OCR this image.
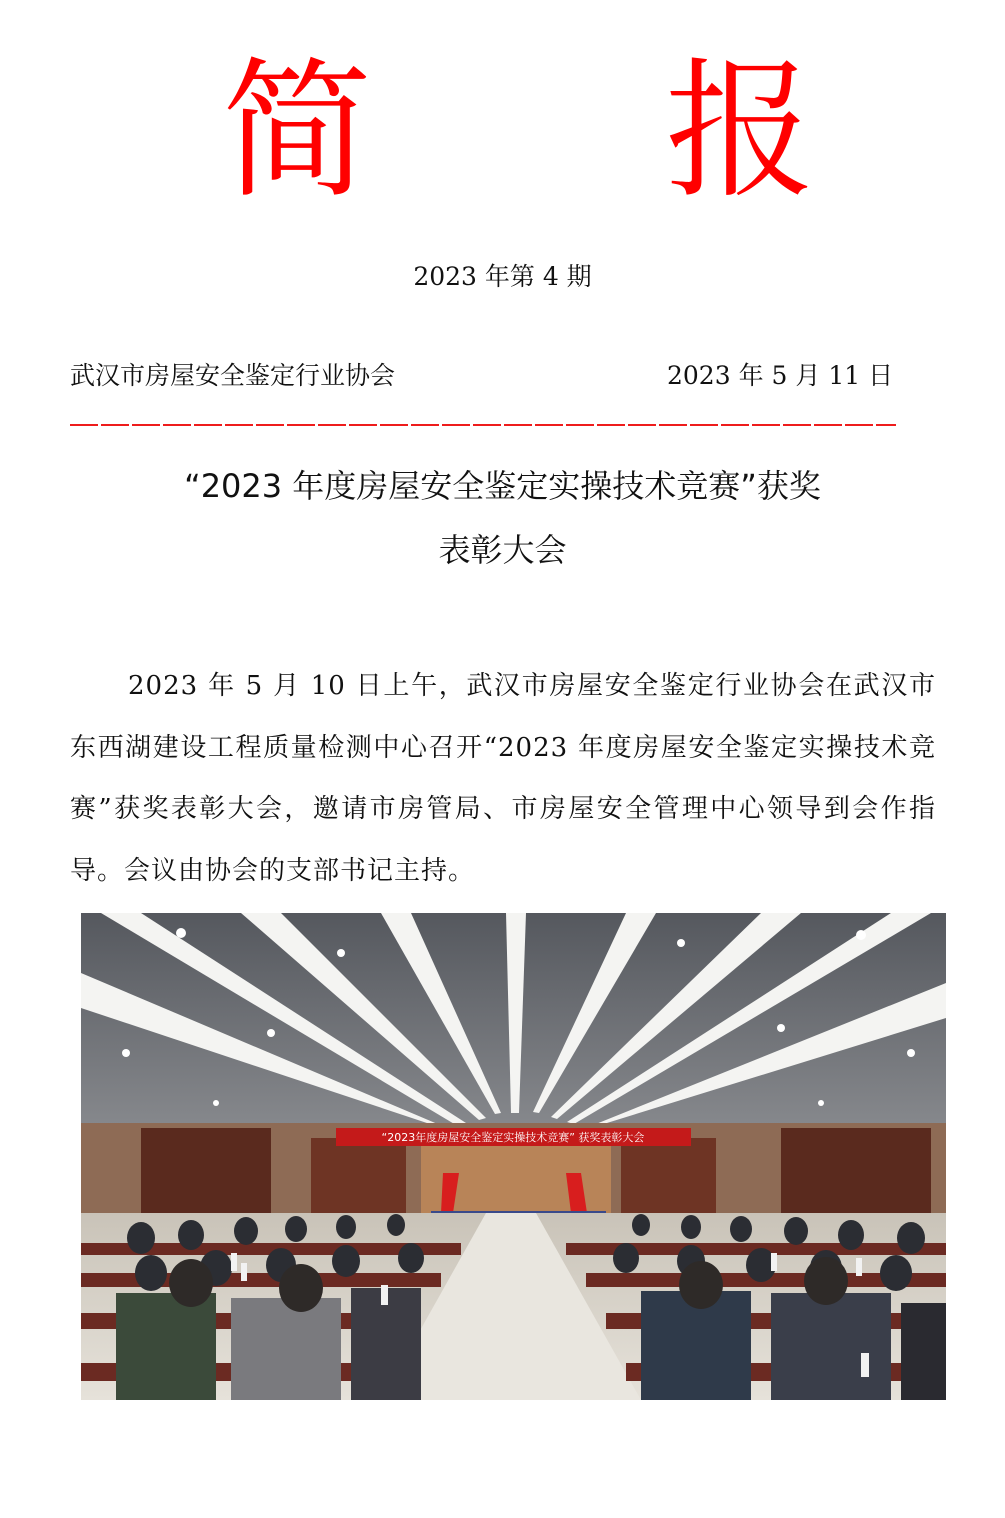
简 报
2023 年第 4 期
武汉市房屋安全鉴定行业协会	2023 年 5 月 11 日
“2023 年度房屋安全鉴定实操技术竞赛”获奖
表彰大会
2023 年 5 月 10 日上午，武汉市房屋安全鉴定行业协会在武汉市东西湖建设工程质量检测中心召开“2023 年度房屋安全鉴定实操技术竞赛”获奖表彰大会，邀请市房管局、市房屋安全管理中心领导到会作指导。会议由协会的支部书记主持。
“2023年度房屋安全鉴定实操技术竞赛” 获奖表彰大会
